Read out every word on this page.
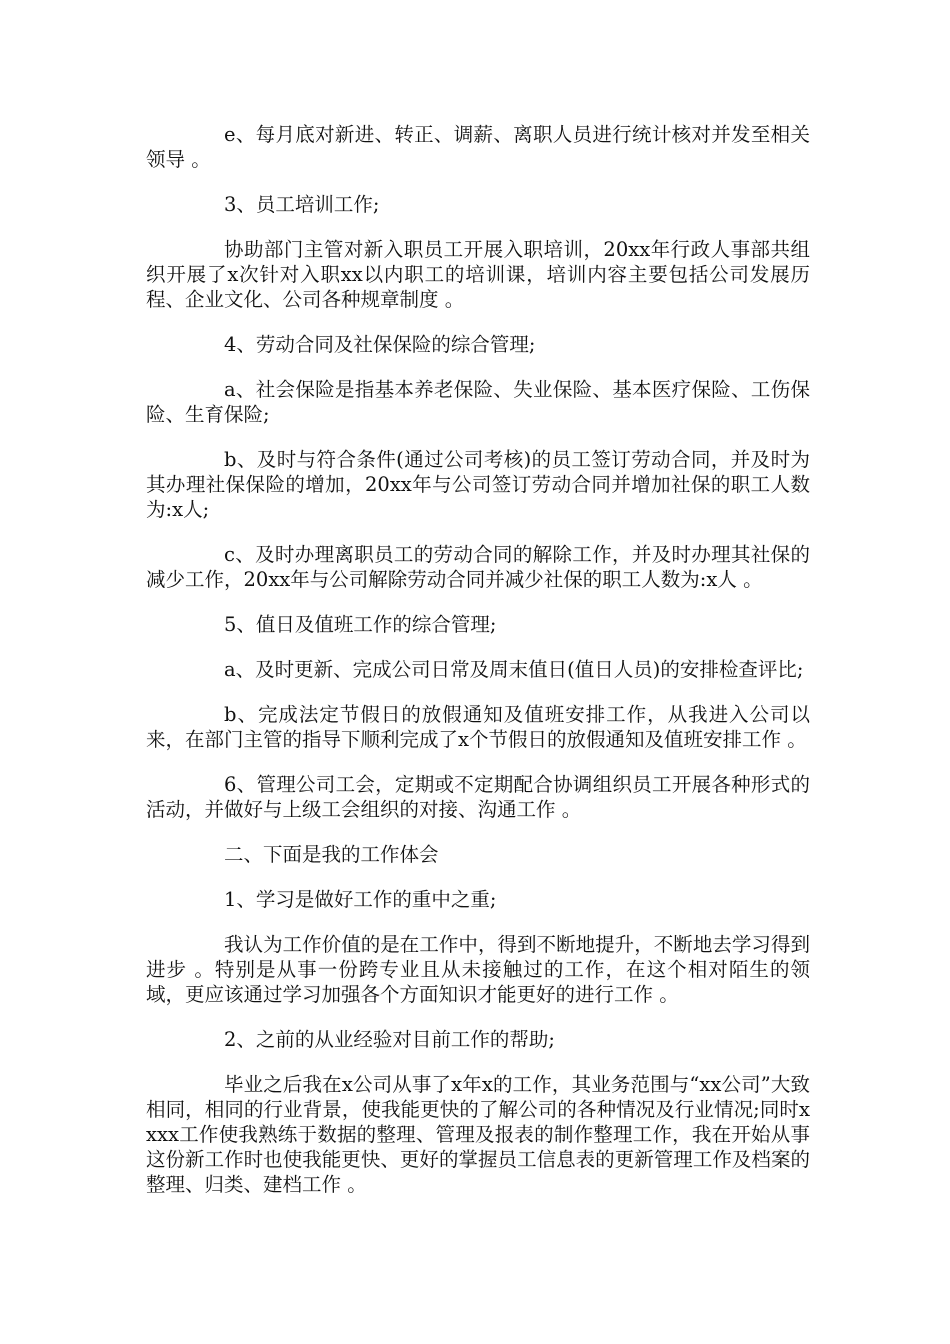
e、每月底对新进、转正、调薪、离职人员进行统计核对并发至相关领导 。

3、员工培训工作;

协助部门主管对新入职员工开展入职培训，20xx年行政人事部共组织开展了x次针对入职xx以内职工的培训课，培训内容主要包括公司发展历程、企业文化、公司各种规章制度 。

4、劳动合同及社保保险的综合管理;

a、社会保险是指基本养老保险、失业保险、基本医疗保险、工伤保险、生育保险;

b、及时与符合条件(通过公司考核)的员工签订劳动合同，并及时为其办理社保保险的增加，20xx年与公司签订劳动合同并增加社保的职工人数为:x人;

c、及时办理离职员工的劳动合同的解除工作，并及时办理其社保的减少工作，20xx年与公司解除劳动合同并减少社保的职工人数为:x人 。

5、值日及值班工作的综合管理;

a、及时更新、完成公司日常及周末值日(值日人员)的安排检查评比;

b、完成法定节假日的放假通知及值班安排工作，从我进入公司以来，在部门主管的指导下顺利完成了x个节假日的放假通知及值班安排工作 。

6、管理公司工会，定期或不定期配合协调组织员工开展各种形式的活动，并做好与上级工会组织的对接、沟通工作 。

二、下面是我的工作体会

1、学习是做好工作的重中之重;

我认为工作价值的是在工作中，得到不断地提升，不断地去学习得到进步 。特别是从事一份跨专业且从未接触过的工作，在这个相对陌生的领域，更应该通过学习加强各个方面知识才能更好的进行工作 。

2、之前的从业经验对目前工作的帮助;

毕业之后我在x公司从事了x年x的工作，其业务范围与“xx公司”大致相同，相同的行业背景，使我能更快的了解公司的各种情况及行业情况;同时xxxx工作使我熟练于数据的整理、管理及报表的制作整理工作，我在开始从事这份新工作时也使我能更快、更好的掌握员工信息表的更新管理工作及档案的整理、归类、建档工作 。
